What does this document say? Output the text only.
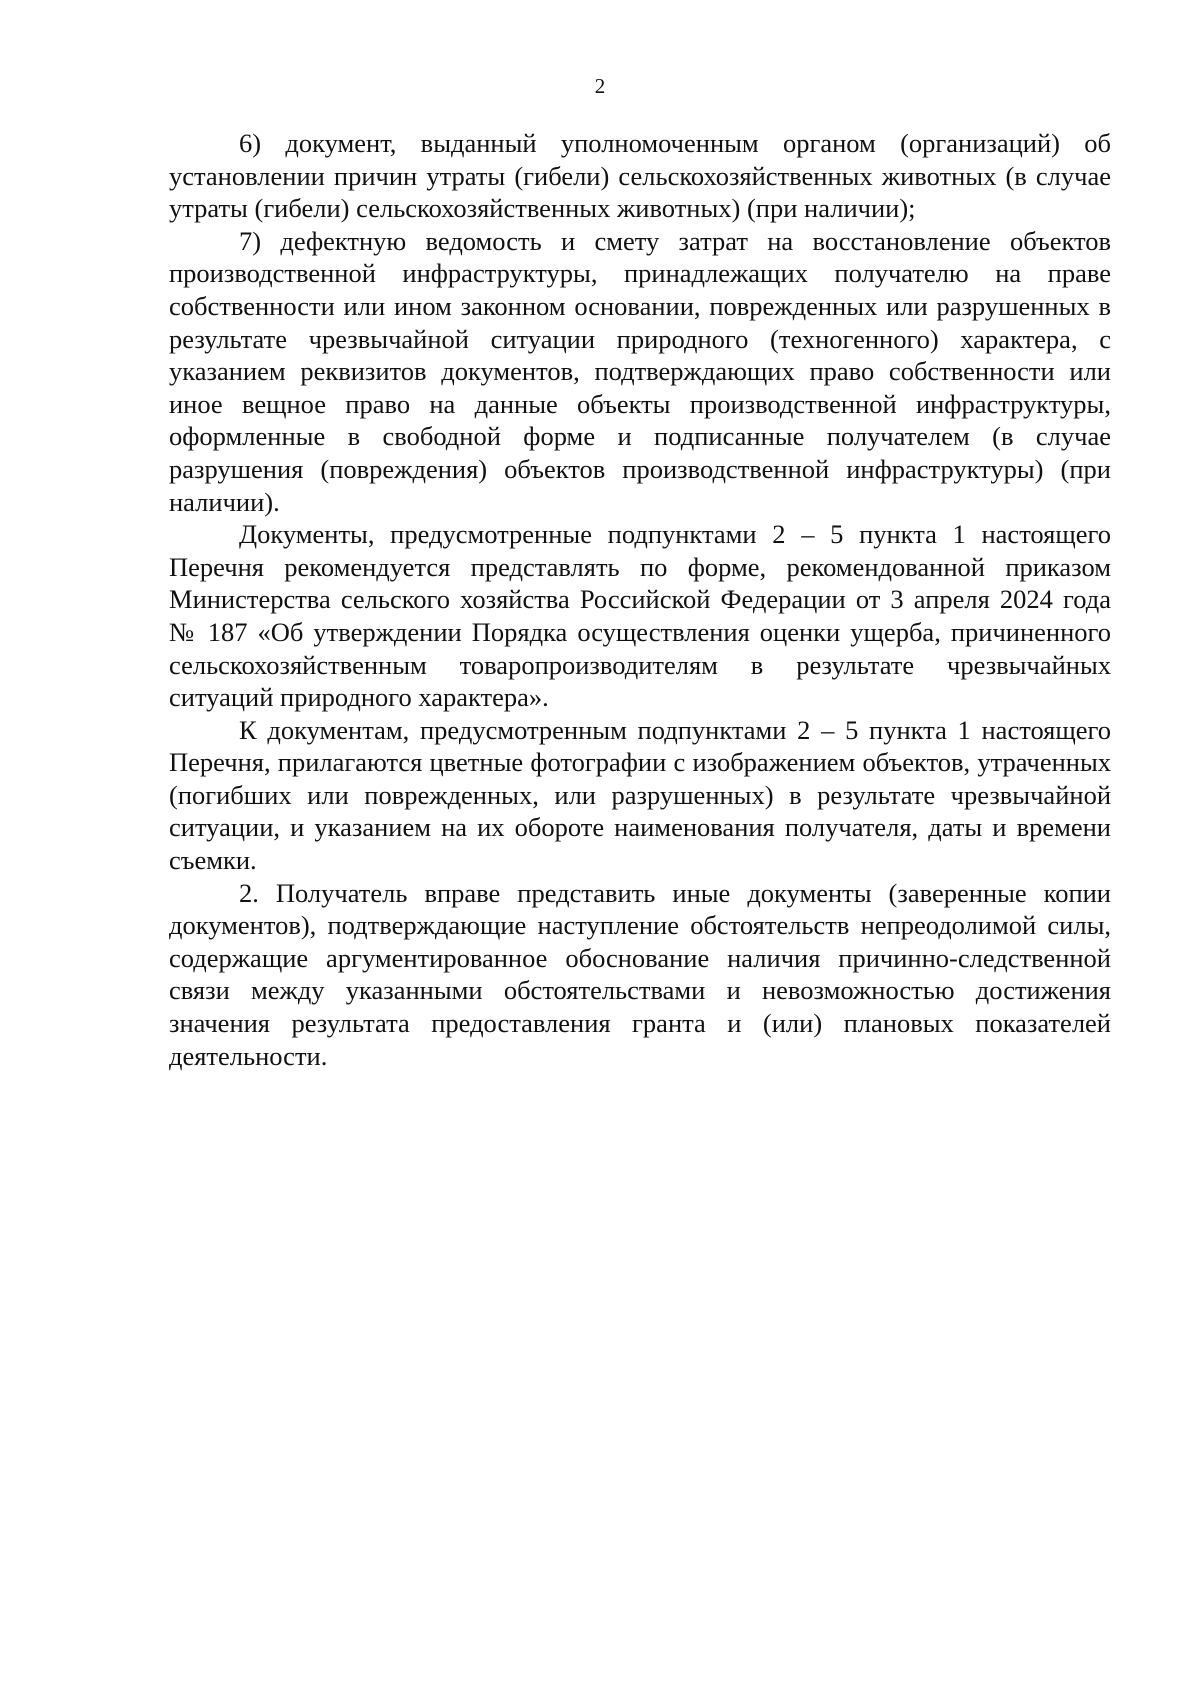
2

6) документ, выданный уполномоченным органом (организаций) об установлении причин утраты (гибели) сельскохозяйственных животных (в случае утраты (гибели) сельскохозяйственных животных) (при наличии);

7) дефектную ведомость и смету затрат на восстановление объектов производственной инфраструктуры, принадлежащих получателю на праве собственности или ином законном основании, поврежденных или разрушенных в результате чрезвычайной ситуации природного (техногенного) характера, с указанием реквизитов документов, подтверждающих право собственности или иное вещное право на данные объекты производственной инфраструктуры, оформленные в свободной форме и подписанные получателем (в случае разрушения (повреждения) объектов производственной инфраструктуры) (при наличии).

Документы, предусмотренные подпунктами 2 – 5 пункта 1 настоящего Перечня рекомендуется представлять по форме, рекомендованной приказом Министерства сельского хозяйства Российской Федерации от 3 апреля 2024 года № 187 «Об утверждении Порядка осуществления оценки ущерба, причиненного сельскохозяйственным товаропроизводителям в результате чрезвычайных ситуаций природного характера».

К документам, предусмотренным подпунктами 2 – 5 пункта 1 настоящего Перечня, прилагаются цветные фотографии с изображением объектов, утраченных (погибших или поврежденных, или разрушенных) в результате чрезвычайной ситуации, и указанием на их обороте наименования получателя, даты и времени съемки.

2. Получатель вправе представить иные документы (заверенные копии документов), подтверждающие наступление обстоятельств непреодолимой силы, содержащие аргументированное обоснование наличия причинно-следственной связи между указанными обстоятельствами и невозможностью достижения значения результата предоставления гранта и (или) плановых показателей деятельности.
